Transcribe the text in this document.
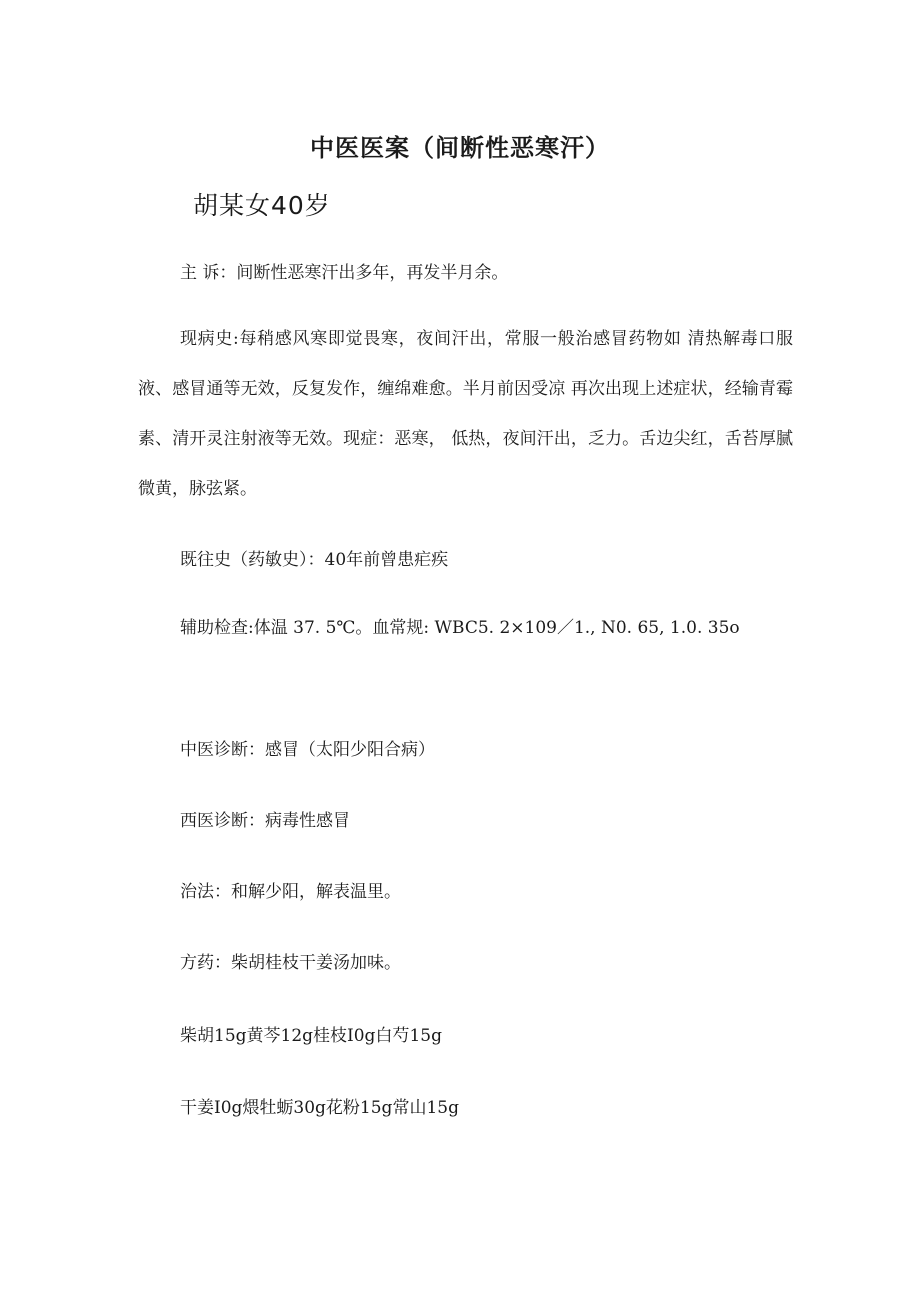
中医医案（间断性恶寒汗）
胡某女40岁
主 诉：间断性恶寒汗出多年，再发半月余。
现病史:每稍感风寒即觉畏寒，夜间汗出，常服一般治感冒药物如 清热解毒口服液、感冒通等无效，反复发作，缠绵难愈。半月前因受凉 再次出现上述症状，经输青霉素、清开灵注射液等无效。现症：恶寒， 低热，夜间汗出，乏力。舌边尖红，舌苔厚腻微黄，脉弦紧。
既往史（药敏史）：40年前曾患疟疾
辅助检查:体温 37. 5℃。血常规: WBC5. 2×109／1., N0. 65, 1.0. 35o
中医诊断：感冒（太阳少阳合病）
西医诊断：病毒性感冒
治法：和解少阳，解表温里。
方药：柴胡桂枝干姜汤加味。
柴胡15g黄芩12g桂枝I0g白芍15g
干姜I0g煨牡蛎30g花粉15g常山15g
